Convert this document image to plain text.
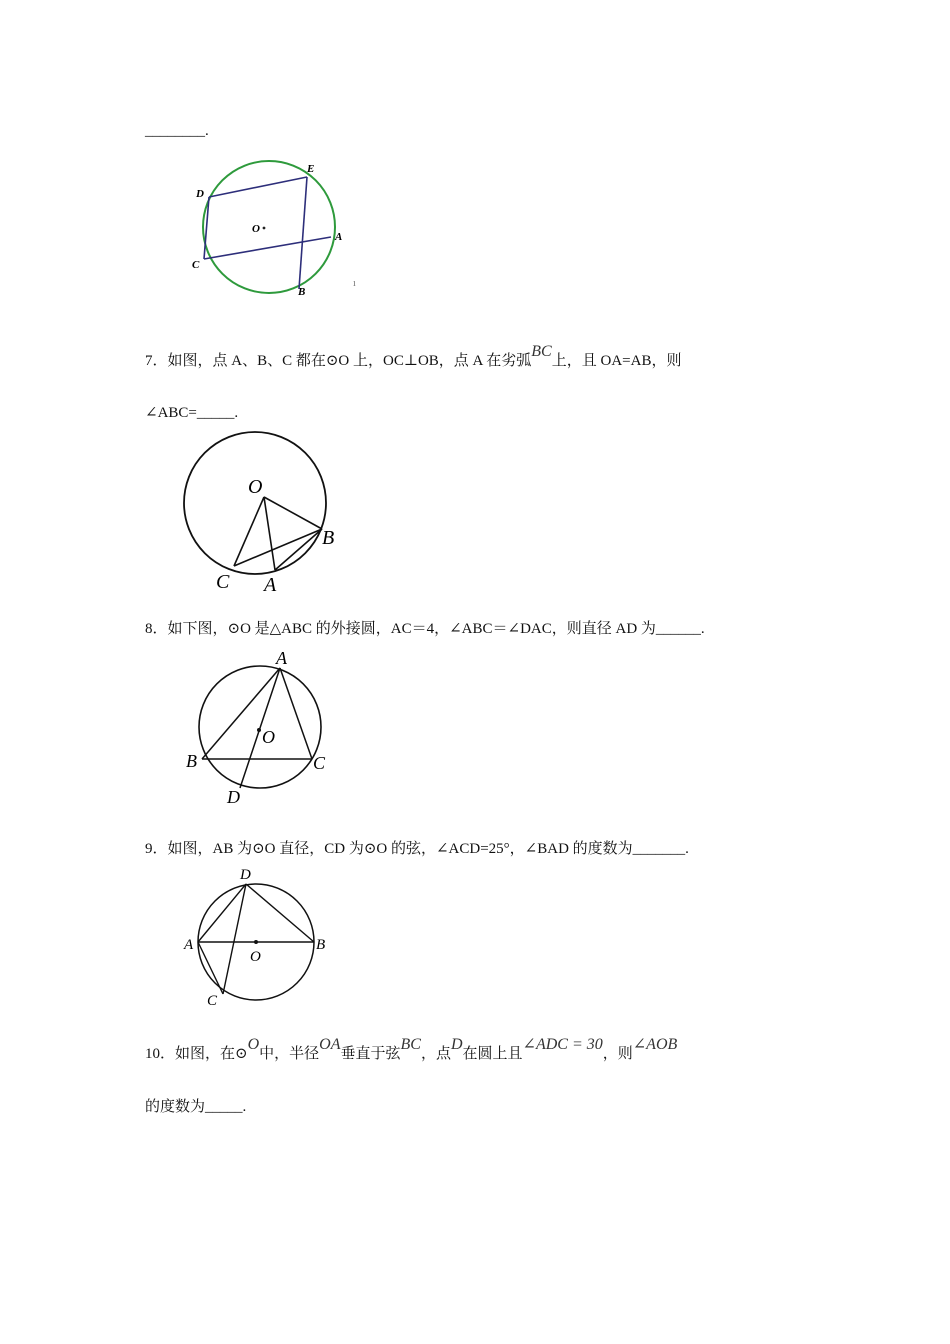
________.
D
E
O
A
C
B
ı
7．如图，点 A、B、C 都在⊙O 上，OC⊥OB，点 A 在劣弧BC上，且 OA=AB，则
∠ABC=_____.
O
B
C A
8．如下图，⊙O 是△ABC 的外接圆，AC＝4，∠ABC＝∠DAC，则直径 AD 为______.
A
O
B	C
D
9．如图，AB 为⊙O 直径，CD 为⊙O 的弦，∠ACD=25°，∠BAD 的度数为_______.
D
A
O
B
C
10．如图，在⊙O中，半径OA垂直于弦BC，点D在圆上且∠ADC = 30，则∠AOB
的度数为_____.
